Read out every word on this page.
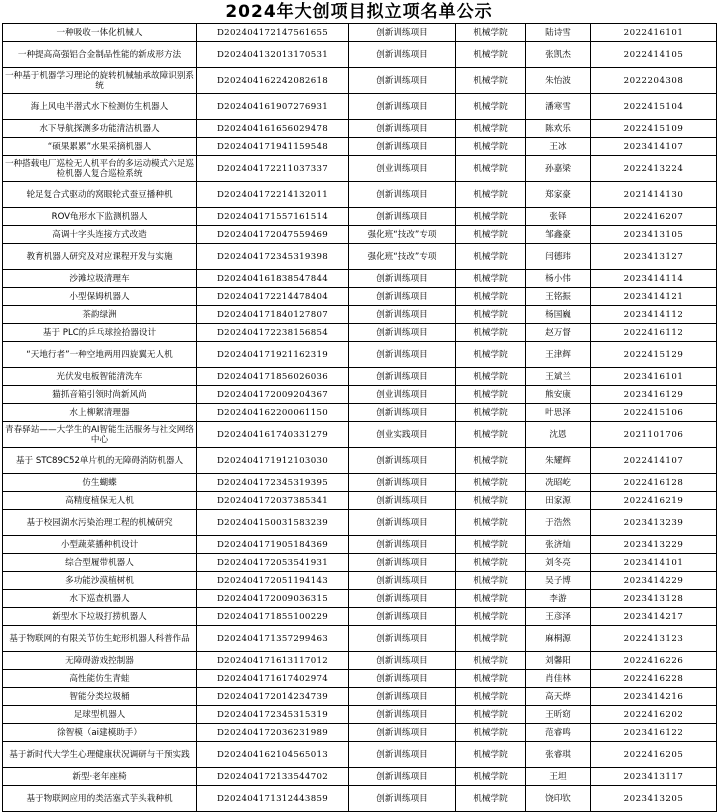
2024年大创项目拟立项名单公示
一种吸收一体化机械人	D202404172147561655	创新训练项目	机械学院	陆诗雪	2022416101
一种提高高强铝合金制品性能的新成形方法	D202404132013170531	创新训练项目	机械学院	张凯杰	2022414105
一种基于机器学习理论的旋转机械轴承故障识别系统	D202404162242082618	创新训练项目	机械学院	朱怡波	2022204308
海上风电半潜式水下检测仿生机器人	D202404161907276931	创新训练项目	机械学院	潘寒雪	2022415104
水下导航探测多功能清洁机器人	D202404161656029478	创新训练项目	机械学院	陈欢乐	2022415109
“硕果累累”水果采摘机器人	D202404171941159548	创新训练项目	机械学院	王冰	2023414107
一种搭载电厂巡检无人机平台的多运动模式六足巡检机器人复合巡检系统	D202404172211037337	创业训练项目	机械学院	孙嘉梁	2022413224
轮足复合式驱动的窝眼轮式蚕豆播种机	D202404172214132011	创新训练项目	机械学院	郑家豪	2021414130
ROV龟形水下监测机器人	D202404171557161514	创新训练项目	机械学院	张铎	2022416207
高调十字头连接方式改造	D202404172047559469	强化班“技改”专项	机械学院	邹鑫豪	2023413105
教育机器人研究及对应课程开发与实施	D202404172345319398	强化班“技改”专项	机械学院	闫德玮	2023413127
沙滩垃圾清理车	D202404161838547844	创新训练项目	机械学院	杨小伟	2023414114
小型保姆机器人	D202404172214478404	创新训练项目	机械学院	王铭振	2023414121
茶韵绿洲	D202404171840127807	创新训练项目	机械学院	杨国巍	2023414112
基于 PLC的乒乓球捡拾器设计	D202404172238156854	创新训练项目	机械学院	赵万督	2022416112
“天地行者”一种空地两用四旋翼无人机	D202404171921162319	创新训练项目	机械学院	王津辉	2022415129
光伏发电板智能清洗车	D202404171856026036	创新训练项目	机械学院	王斌兰	2023416101
猫抓音箱引领时尚新风尚	D202404172009204367	创业训练项目	机械学院	熊安康	2023416129
水上柳絮清理器	D202404162200061150	创新训练项目	机械学院	叶思泽	2022415106
青春驿站——大学生的AI智能生活服务与社交网络中心	D202404161740331279	创业实践项目	机械学院	沈恩	2021101706
基于 STC89C52单片机的无障碍消防机器人	D202404171912103030	创新训练项目	机械学院	朱耀辉	2022414107
仿生蝴蝶	D202404172345319395	创新训练项目	机械学院	冼昭屹	2022416128
高精度植保无人机	D202404172037385341	创新训练项目	机械学院	田家源	2022416219
基于校园湖水污染治理工程的机械研究	D202404150031583239	创新训练项目	机械学院	于浩然	2023413239
小型蔬菜播种机设计	D202404171905184369	创新训练项目	机械学院	张济灿	2023413229
综合型履带机器人	D202404172053541931	创新训练项目	机械学院	刘冬亮	2023414101
多功能沙漠植树机	D202404172051194143	创新训练项目	机械学院	吴子博	2023414229
水下巡查机器人	D202404172009036315	创新训练项目	机械学院	李游	2023413128
新型水下垃圾打捞机器人	D202404171855100229	创新训练项目	机械学院	王彦泽	2023414217
基于物联网的有限关节仿生蛇形机器人科普作品	D202404171357299463	创新训练项目	机械学院	麻桐源	2022413123
无障碍游戏控制器	D202404171613117012	创新训练项目	机械学院	刘馨阳	2022416226
高性能仿生青蛙	D202404171617402974	创新训练项目	机械学院	肖佳林	2022416228
智能分类垃圾桶	D202404172014234739	创新训练项目	机械学院	高天烨	2023414216
足球型机器人	D202404172345315319	创新训练项目	机械学院	王昕窈	2022416202
徐智模（ai建模助手）	D202404172036231989	创新训练项目	机械学院	范睿鸣	2023416122
基于新时代大学生心理健康状况调研与干预实践	D202404162104565013	创新训练项目	机械学院	张睿琪	2022416205
新型·老年座椅	D202404172133544702	创新训练项目	机械学院	王坦	2023413117
基于物联网应用的类活塞式芋头栽种机	D202404171312443859	创新训练项目	机械学院	饶印钦	2023413205
